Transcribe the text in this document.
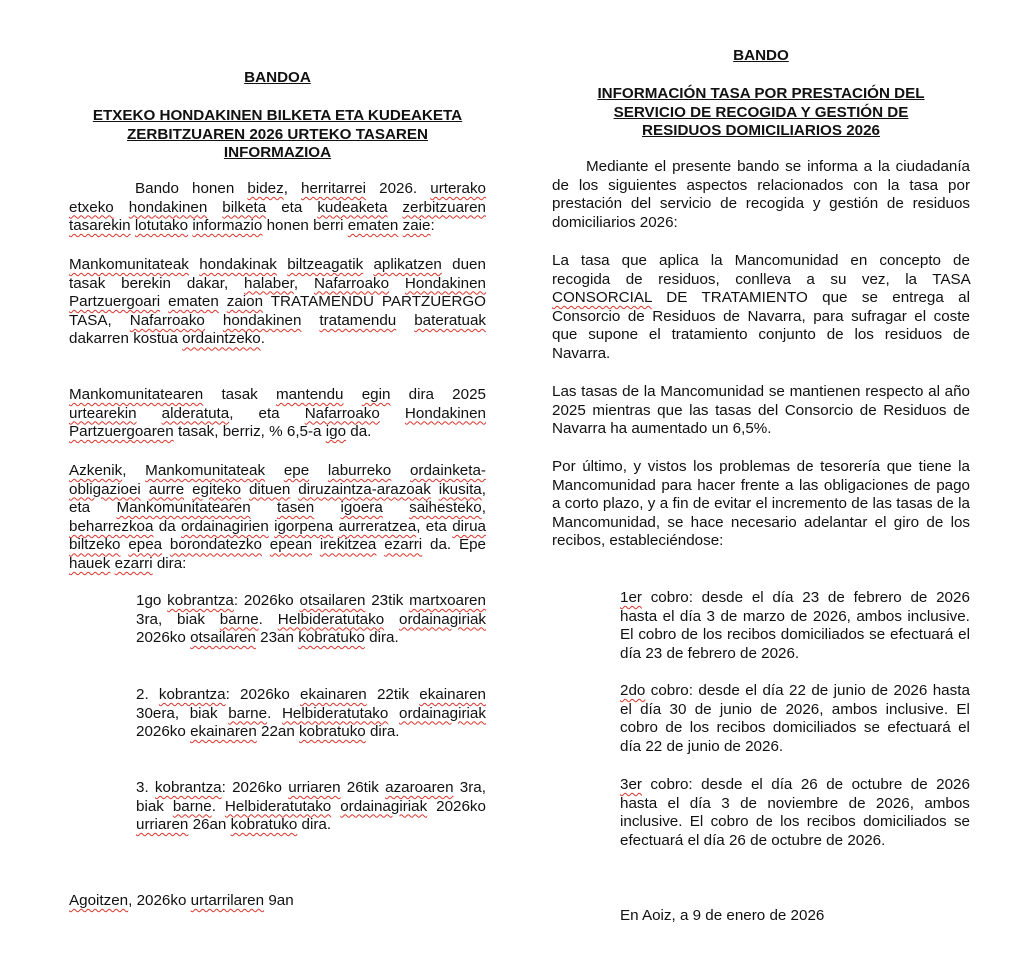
BANDOA
ETXEKO HONDAKINEN BILKETA ETA KUDEAKETA
ZERBITZUAREN 2026 URTEKO TASAREN
INFORMAZIOA

Bando honen bidez, herritarrei 2026. urterako etxeko hondakinen bilketa eta kudeaketa zerbitzuaren tasarekin lotutako informazio honen berri ematen zaie:

Mankomunitateak hondakinak biltzeagatik aplikatzen duen tasak berekin dakar, halaber, Nafarroako Hondakinen Partzuergoari ematen zaion TRATAMENDU PARTZUERGO TASA, Nafarroako hondakinen tratamendu bateratuak dakarren kostua ordaintzeko.

Mankomunitatearen tasak mantendu egin dira 2025 urtearekin alderatuta, eta Nafarroako Hondakinen Partzuergoaren tasak, berriz, % 6,5-a igo da.

Azkenik, Mankomunitateak epe laburreko ordainketa-obligazioei aurre egiteko dituen diruzaintza-arazoak ikusita, eta Mankomunitatearen tasen igoera saihesteko, beharrezkoa da ordainagirien igorpena aurreratzea, eta dirua biltzeko epea borondatezko epean irekitzea ezarri da. Epe hauek ezarri dira:

1go kobrantza: 2026ko otsailaren 23tik martxoaren 3ra, biak barne. Helbideratutako ordainagiriak 2026ko otsailaren 23an kobratuko dira.

2. kobrantza: 2026ko ekainaren 22tik ekainaren 30era, biak barne. Helbideratutako ordainagiriak 2026ko ekainaren 22an kobratuko dira.

3. kobrantza: 2026ko urriaren 26tik azaroaren 3ra, biak barne. Helbideratutako ordainagiriak 2026ko urriaren 26an kobratuko dira.

Agoitzen, 2026ko urtarrilaren 9an

BANDO
INFORMACIÓN TASA POR PRESTACIÓN DEL
SERVICIO DE RECOGIDA Y GESTIÓN DE
RESIDUOS DOMICILIARIOS 2026

Mediante el presente bando se informa a la ciudadanía de los siguientes aspectos relacionados con la tasa por prestación del servicio de recogida y gestión de residuos domiciliarios 2026:

La tasa que aplica la Mancomunidad en concepto de recogida de residuos, conlleva a su vez, la TASA CONSORCIAL DE TRATAMIENTO que se entrega al Consorcio de Residuos de Navarra, para sufragar el coste que supone el tratamiento conjunto de los residuos de Navarra.

Las tasas de la Mancomunidad se mantienen respecto al año 2025 mientras que las tasas del Consorcio de Residuos de Navarra ha aumentado un 6,5%.

Por último, y vistos los problemas de tesorería que tiene la Mancomunidad para hacer frente a las obligaciones de pago a corto plazo, y a fin de evitar el incremento de las tasas de la Mancomunidad, se hace necesario adelantar el giro de los recibos, estableciéndose:

1er cobro: desde el día 23 de febrero de 2026 hasta el día 3 de marzo de 2026, ambos inclusive. El cobro de los recibos domiciliados se efectuará el día 23 de febrero de 2026.

2do cobro: desde el día 22 de junio de 2026 hasta el día 30 de junio de 2026, ambos inclusive. El cobro de los recibos domiciliados se efectuará el día 22 de junio de 2026.

3er cobro: desde el día 26 de octubre de 2026 hasta el día 3 de noviembre de 2026, ambos inclusive. El cobro de los recibos domiciliados se efectuará el día 26 de octubre de 2026.

En Aoiz, a 9 de enero de 2026
